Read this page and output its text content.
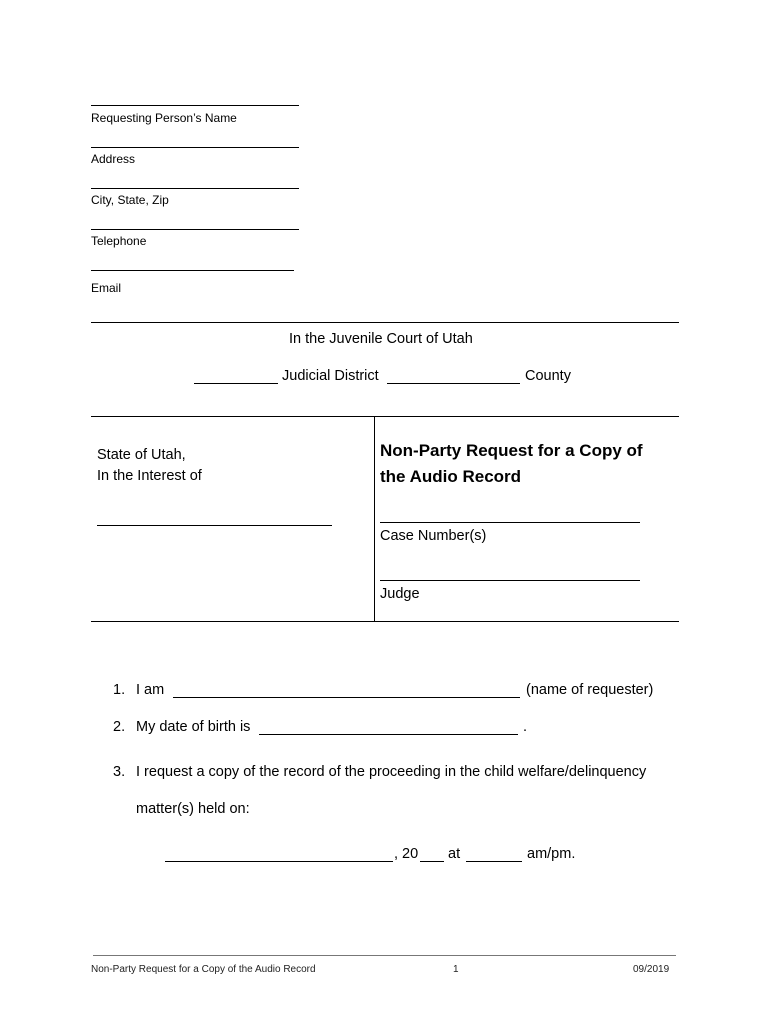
Requesting Person’s Name
Address
City, State, Zip
Telephone
Email
In the Juvenile Court of Utah
Judicial District	County
State of Utah,
In the Interest of
Non-Party Request for a Copy of the Audio Record
Case Number(s)
Judge
1. I am	(name of requester)
2. My date of birth is	.
3. I request a copy of the record of the proceeding in the child welfare/delinquency
matter(s) held on:
, 20 at	am/pm.
Non-Party Request for a Copy of the Audio Record	1	09/2019
